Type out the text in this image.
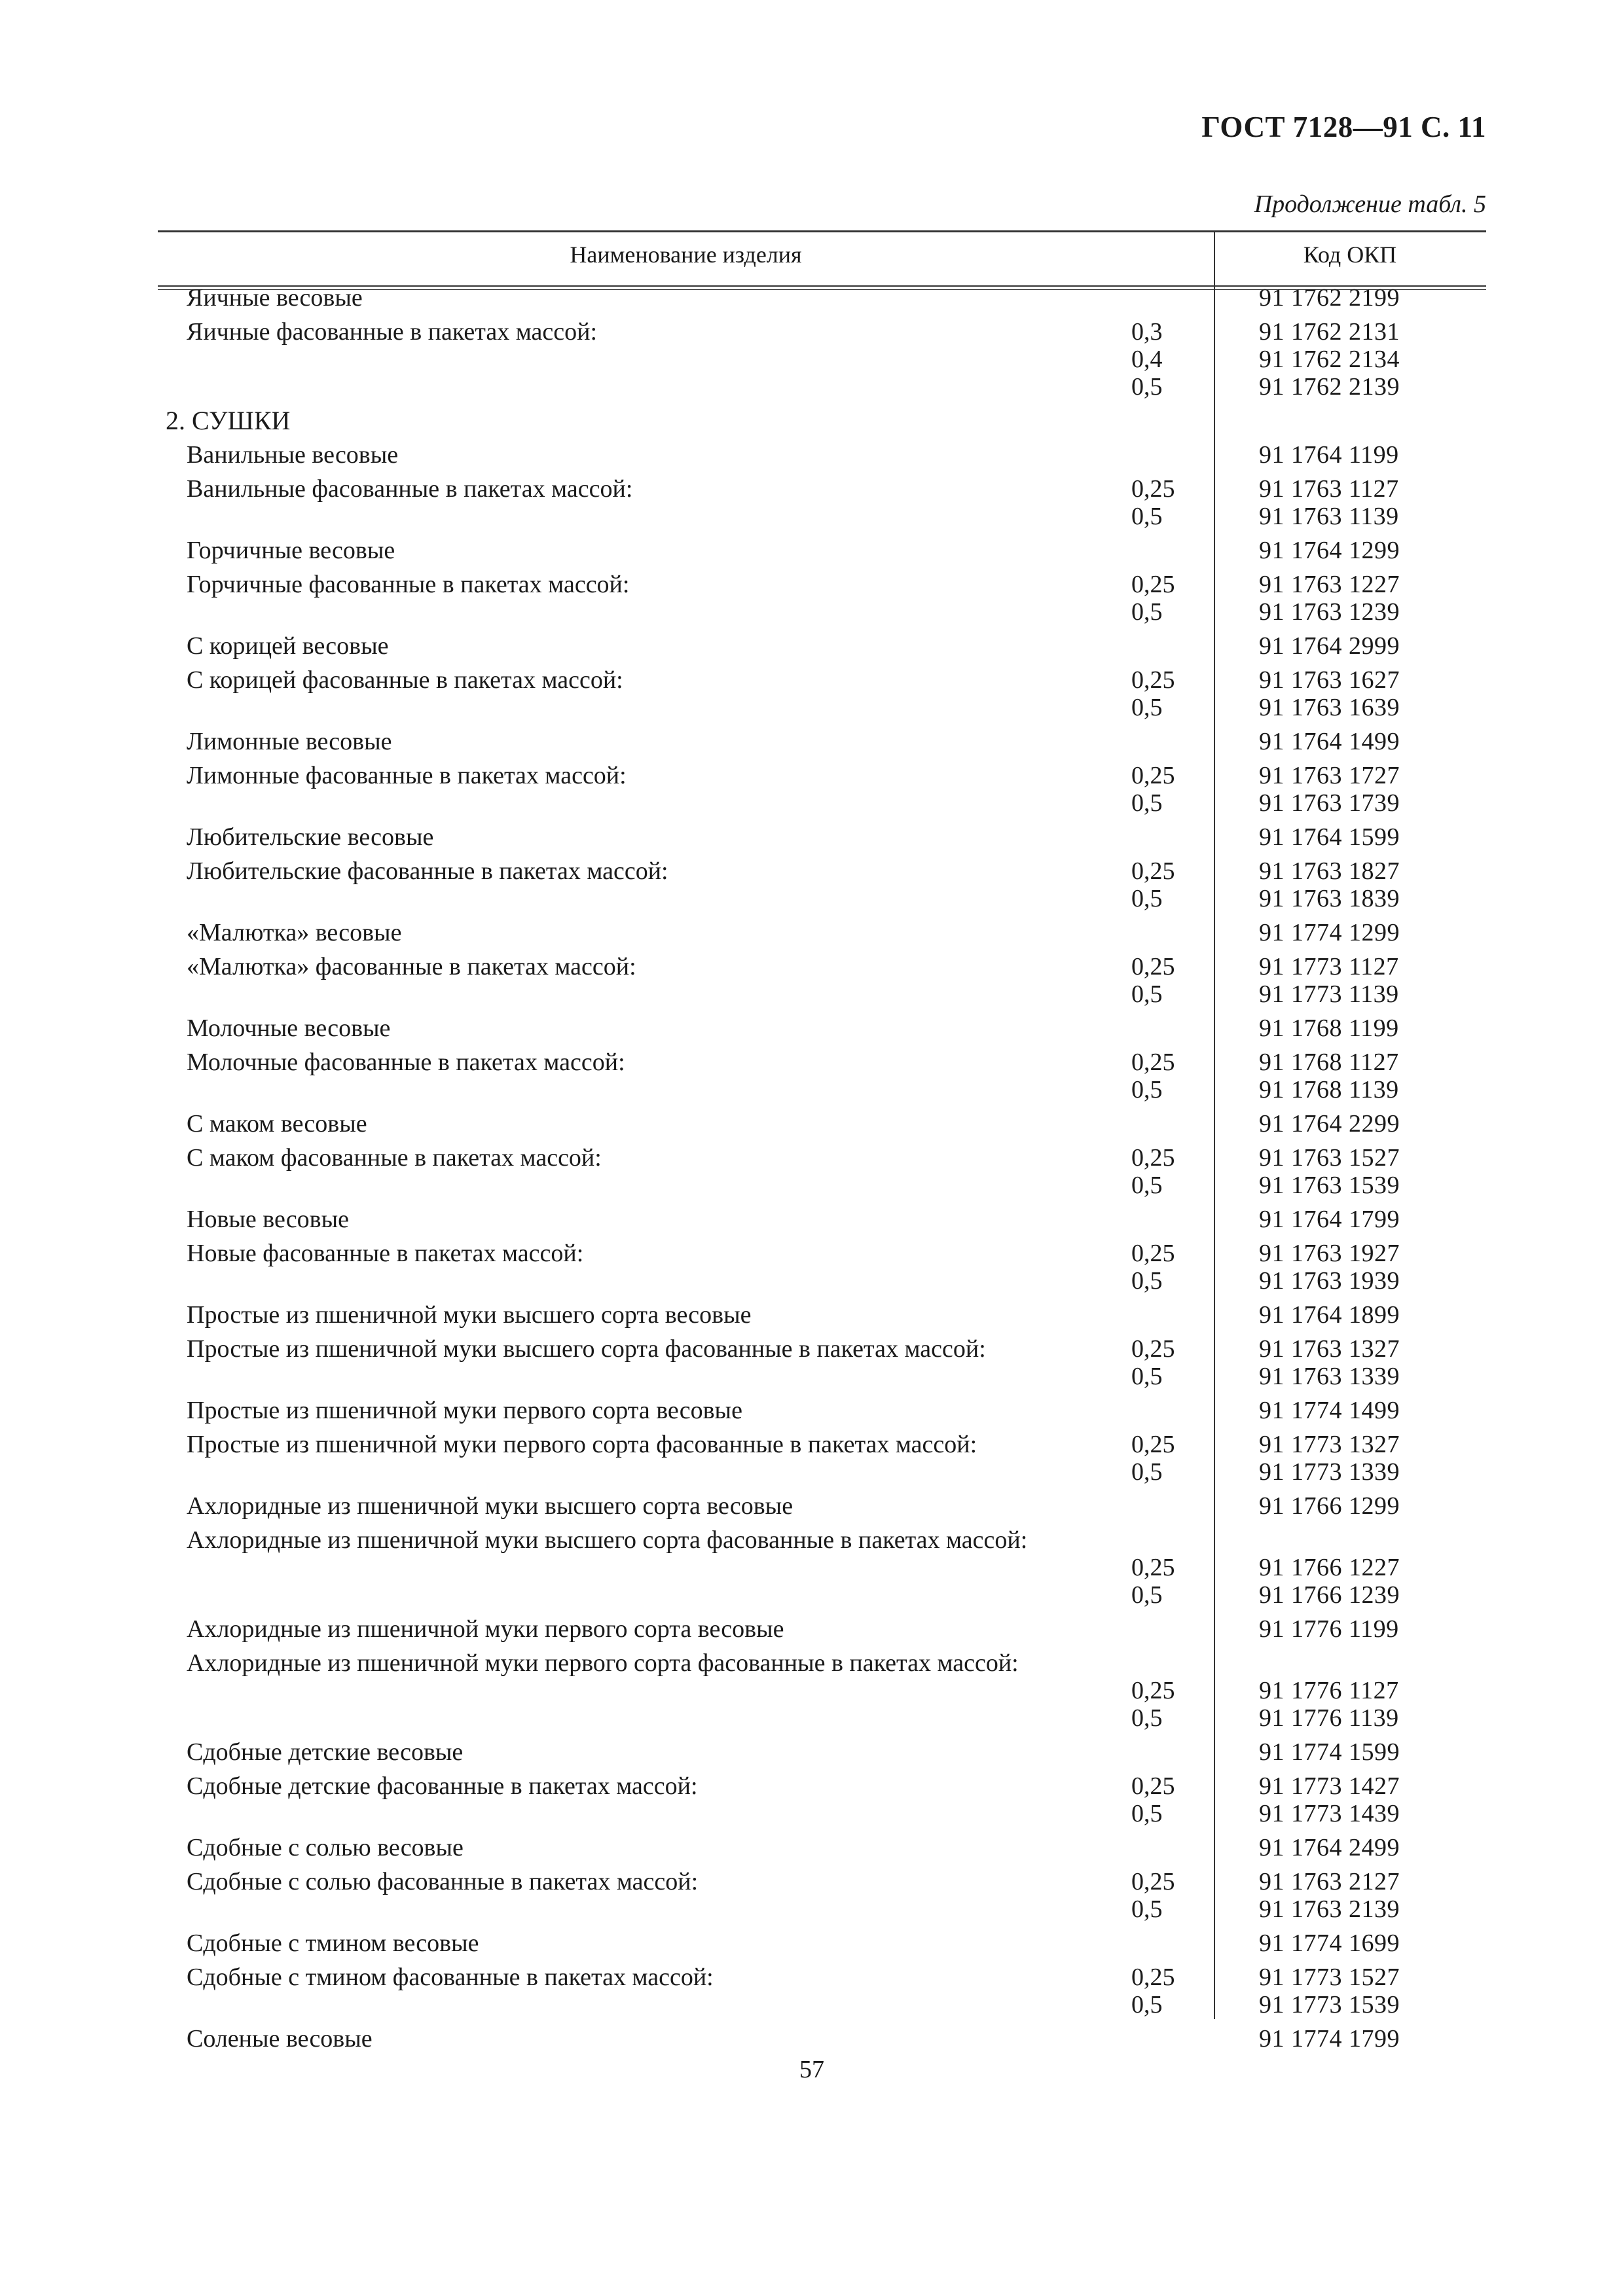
ГОСТ 7128—91 С. 11
Продолжение табл. 5
Наименование изделия	Код ОКП
Яичные весовые	91 1762 2199
Яичные фасованные в пакетах массой:	0,3	91 1762 2131
0,4	91 1762 2134
0,5	91 1762 2139
2. СУШКИ
Ванильные весовые	91 1764 1199
Ванильные фасованные в пакетах массой:	0,25	91 1763 1127
0,5	91 1763 1139
Горчичные весовые	91 1764 1299
Горчичные фасованные в пакетах массой:	0,25	91 1763 1227
0,5	91 1763 1239
С корицей весовые	91 1764 2999
С корицей фасованные в пакетах массой:	0,25	91 1763 1627
0,5	91 1763 1639
Лимонные весовые	91 1764 1499
Лимонные фасованные в пакетах массой:	0,25	91 1763 1727
0,5	91 1763 1739
Любительские весовые	91 1764 1599
Любительские фасованные в пакетах массой:	0,25	91 1763 1827
0,5	91 1763 1839
«Малютка» весовые	91 1774 1299
«Малютка» фасованные в пакетах массой:	0,25	91 1773 1127
0,5	91 1773 1139
Молочные весовые	91 1768 1199
Молочные фасованные в пакетах массой:	0,25	91 1768 1127
0,5	91 1768 1139
С маком весовые	91 1764 2299
С маком фасованные в пакетах массой:	0,25	91 1763 1527
0,5	91 1763 1539
Новые весовые	91 1764 1799
Новые фасованные в пакетах массой:	0,25	91 1763 1927
0,5	91 1763 1939
Простые из пшеничной муки высшего сорта весовые	91 1764 1899
Простые из пшеничной муки высшего сорта фасованные в пакетах массой:	0,25	91 1763 1327
0,5	91 1763 1339
Простые из пшеничной муки первого сорта весовые	91 1774 1499
Простые из пшеничной муки первого сорта фасованные в пакетах массой:	0,25	91 1773 1327
0,5	91 1773 1339
Ахлоридные из пшеничной муки высшего сорта весовые	91 1766 1299
Ахлоридные из пшеничной муки высшего сорта фасованные в пакетах массой:
0,25	91 1766 1227
0,5	91 1766 1239
Ахлоридные из пшеничной муки первого сорта весовые	91 1776 1199
Ахлоридные из пшеничной муки первого сорта фасованные в пакетах массой:
0,25	91 1776 1127
0,5	91 1776 1139
Сдобные детские весовые	91 1774 1599
Сдобные детские фасованные в пакетах массой:	0,25	91 1773 1427
0,5	91 1773 1439
Сдобные с солью весовые	91 1764 2499
Сдобные с солью фасованные в пакетах массой:	0,25	91 1763 2127
0,5	91 1763 2139
Сдобные с тмином весовые	91 1774 1699
Сдобные с тмином фасованные в пакетах массой:	0,25	91 1773 1527
0,5	91 1773 1539
Соленые весовые	91 1774 1799
57
